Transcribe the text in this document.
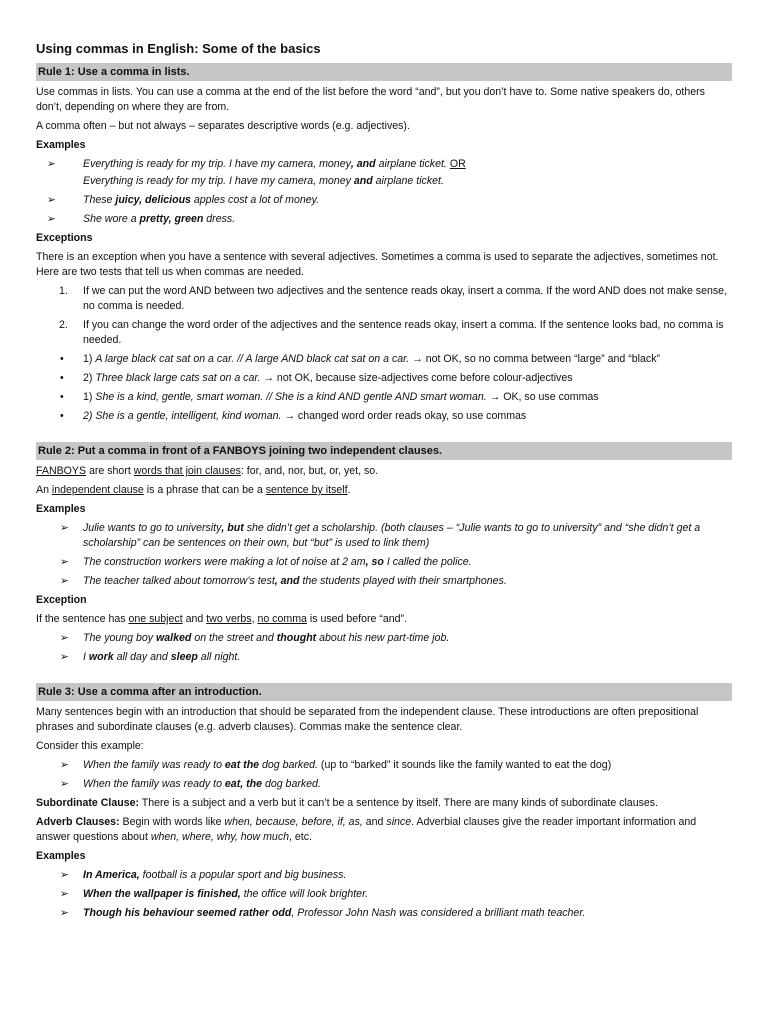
Using commas in English: Some of the basics
Rule 1: Use a comma in lists.

Use commas in lists. You can use a comma at the end of the list before the word “and”, but you don’t have to. Some native speakers do, others don’t, depending on where they are from.

A comma often – but not always – separates descriptive words (e.g. adjectives).

Examples
➢	Everything is ready for my trip. I have my camera, money, and airplane ticket. OR
Everything is ready for my trip. I have my camera, money and airplane ticket.
➢	These juicy, delicious apples cost a lot of money.
➢	She wore a pretty, green dress.
Exceptions

There is an exception when you have a sentence with several adjectives. Sometimes a comma is used to separate the adjectives, sometimes not. Here are two tests that tell us when commas are needed.

1. If we can put the word AND between two adjectives and the sentence reads okay, insert a comma. If the word AND does not make sense, no comma is needed.
2. If you can change the word order of the adjectives and the sentence reads okay, insert a comma. If the sentence looks bad, no comma is needed.
• 1) A large black cat sat on a car. // A large AND black cat sat on a car. → not OK, so no comma between “large” and “black”
• 2) Three black large cats sat on a car. → not OK, because size-adjectives come before colour-adjectives
• 1) She is a kind, gentle, smart woman. // She is a kind AND gentle AND smart woman. → OK, so use commas
• 2) She is a gentle, intelligent, kind woman. → changed word order reads okay, so use commas
Rule 2: Put a comma in front of a FANBOYS joining two independent clauses.

FANBOYS are short words that join clauses: for, and, nor, but, or, yet, so.

An independent clause is a phrase that can be a sentence by itself.

Examples
➢ Julie wants to go to university, but she didn’t get a scholarship. (both clauses – “Julie wants to go to university” and “she didn’t get a scholarship” can be sentences on their own, but “but” is used to link them)
➢ The construction workers were making a lot of noise at 2 am, so I called the police.
➢ The teacher talked about tomorrow’s test, and the students played with their smartphones.
Exception

If the sentence has one subject and two verbs, no comma is used before “and”.

➢ The young boy walked on the street and thought about his new part-time job.
➢ I work all day and sleep all night.
Rule 3: Use a comma after an introduction.

Many sentences begin with an introduction that should be separated from the independent clause. These introductions are often prepositional phrases and subordinate clauses (e.g. adverb clauses). Commas make the sentence clear.

Consider this example:

➢ When the family was ready to eat the dog barked. (up to “barked” it sounds like the family wanted to eat the dog)
➢ When the family was ready to eat, the dog barked.

Subordinate Clause: There is a subject and a verb but it can’t be a sentence by itself. There are many kinds of subordinate clauses.

Adverb Clauses: Begin with words like when, because, before, if, as, and since. Adverbial clauses give the reader important information and answer questions about when, where, why, how much, etc.

Examples
➢ In America, football is a popular sport and big business.
➢ When the wallpaper is finished, the office will look brighter.
➢ Though his behaviour seemed rather odd, Professor John Nash was considered a brilliant math teacher.
